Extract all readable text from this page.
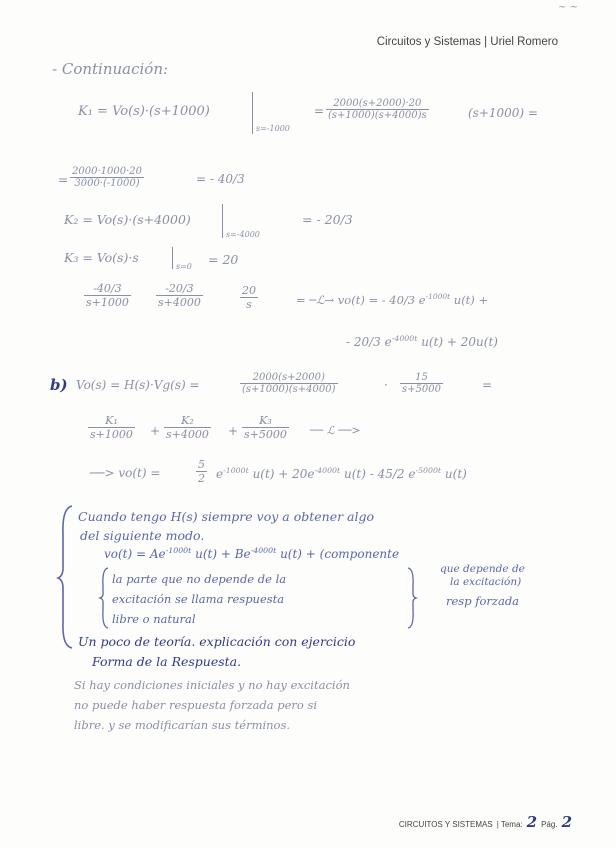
~ ~
Circuitos y Sistemas | Uriel Romero
- Continuación:
K₁ = Vo(s)·(s+1000)
s=-1000
$\frac{2000(s+2000)\cdot 20}{(s+1000)(s+4000)s}$
=	(s+1000) =
= $\frac{2000\cdot 1000\cdot 20}{3000\cdot(-1000)}$	= - 40/3
K₂ = Vo(s)·(s+4000)
s=-4000
= - 20/3
K₃ = Vo(s)·s
s=0 = 20
$\frac{-40/3}{s+1000} \frac{-20/3}{s+4000}$	$\frac{20}{s}$	= ─ℒ→ vo(t) = - 40/3 $e^{-1000t}$ u(t) +
- 20/3 $e^{-4000t}$ u(t) + 20u(t)
b) Vo(s) = H(s)·Vg(s) =	$\frac{2000(s+2000)}{(s+1000)(s+4000)}$	· $\frac{15}{s+5000}$	=
$\frac{\text{K₁}}{s+1000} + \frac{\text{K₂}}{s+4000} + \frac{\text{K₃}}{s+5000}$ ── ℒ ──>
──> vo(t) =	$\frac{5}{2} e^{-1000t}$ $u(t) + 20e^{-4000t}$ u(t) - 45/2 $e^{-5000t}$ u(t)
Cuando tengo H(s) siempre voy a obtener algo
del siguiente modo.
$vo(t) = Ae^{-1000t}$ $u(t) + Be^{-4000t}$ u(t) + (componente
que depende de
la excitación)
la parte que no depende de la
excitación se llama respuesta
libre o natural
resp forzada
Un poco de teoría. explicación con ejercicio
Forma de la Respuesta.
Si hay condiciones iniciales y no hay excitación
no puede haber respuesta forzada pero si
libre. y se modificarían sus términos.
CIRCUITOS Y SISTEMAS | Tema: 2 Pág. 2
